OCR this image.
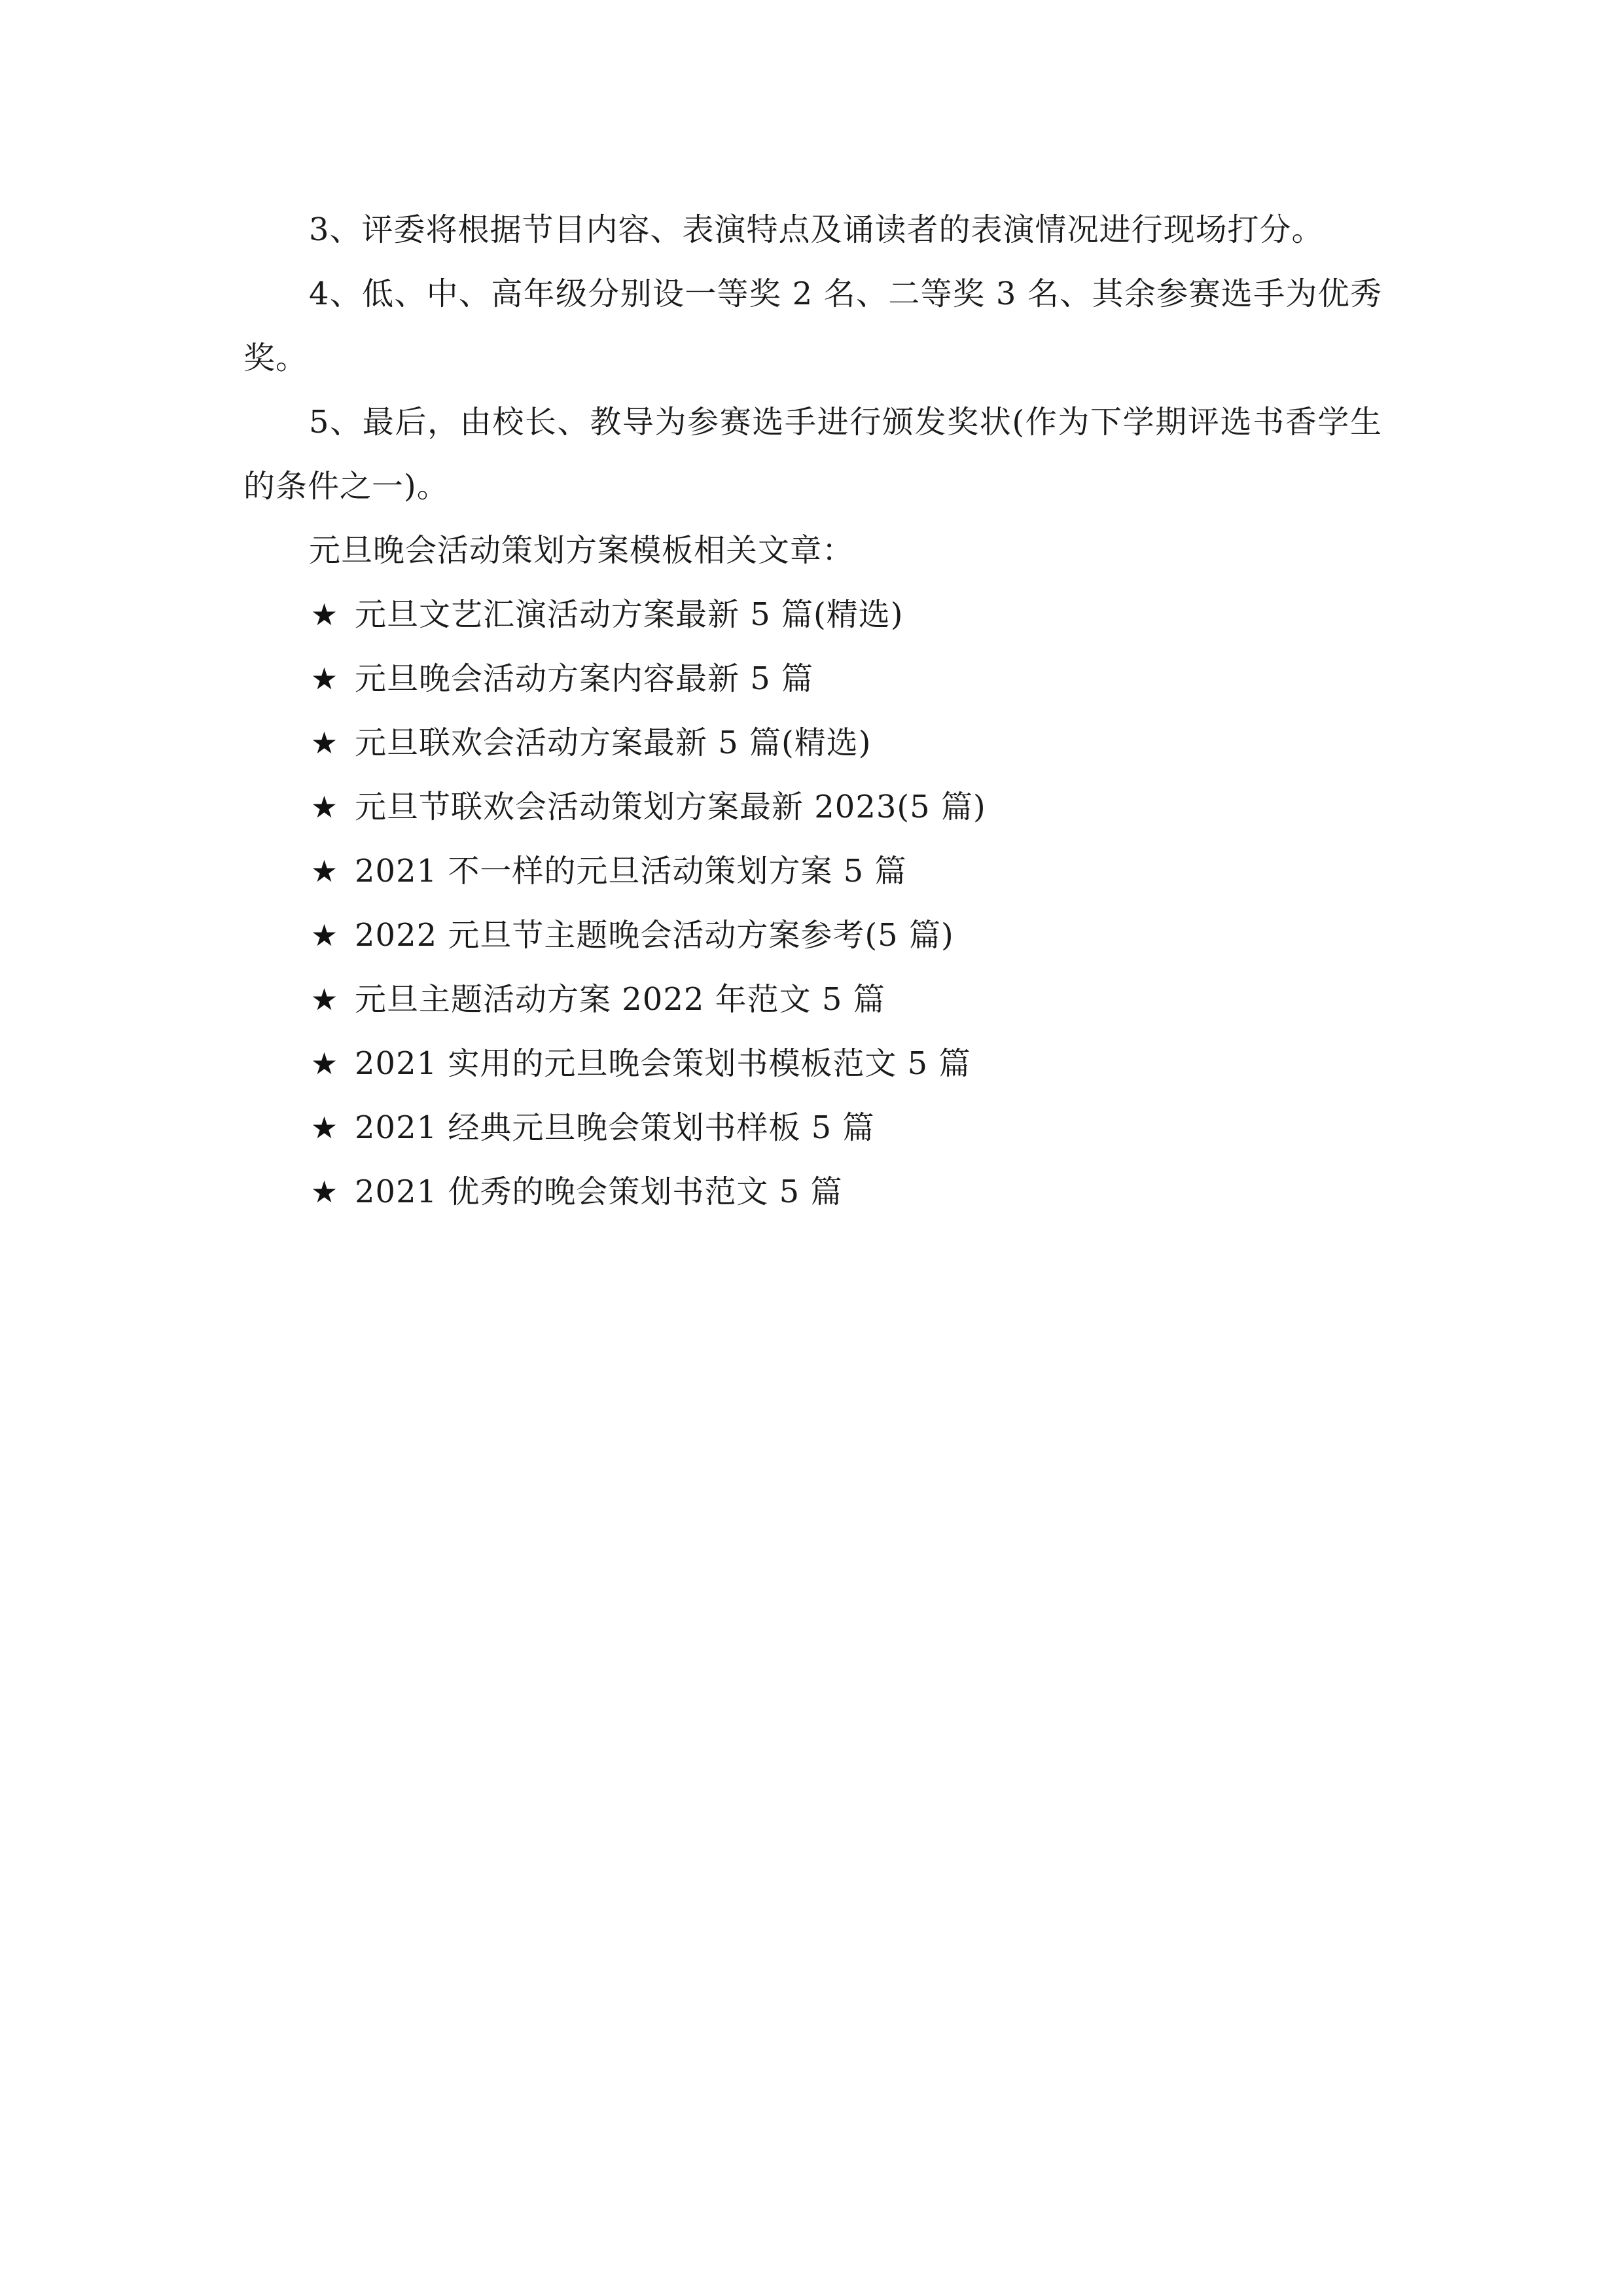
3、评委将根据节目内容、表演特点及诵读者的表演情况进行现场打分。

4、低、中、高年级分别设一等奖 2 名、二等奖 3 名、其余参赛选手为优秀奖。

5、最后，由校长、教导为参赛选手进行颁发奖状(作为下学期评选书香学生的条件之一)。

元旦晚会活动策划方案模板相关文章：

★ 元旦文艺汇演活动方案最新 5 篇(精选)
★ 元旦晚会活动方案内容最新 5 篇
★ 元旦联欢会活动方案最新 5 篇(精选)
★ 元旦节联欢会活动策划方案最新 2023(5 篇)
★ 2021 不一样的元旦活动策划方案 5 篇
★ 2022 元旦节主题晚会活动方案参考(5 篇)
★ 元旦主题活动方案 2022 年范文 5 篇
★ 2021 实用的元旦晚会策划书模板范文 5 篇
★ 2021 经典元旦晚会策划书样板 5 篇
★ 2021 优秀的晚会策划书范文 5 篇
